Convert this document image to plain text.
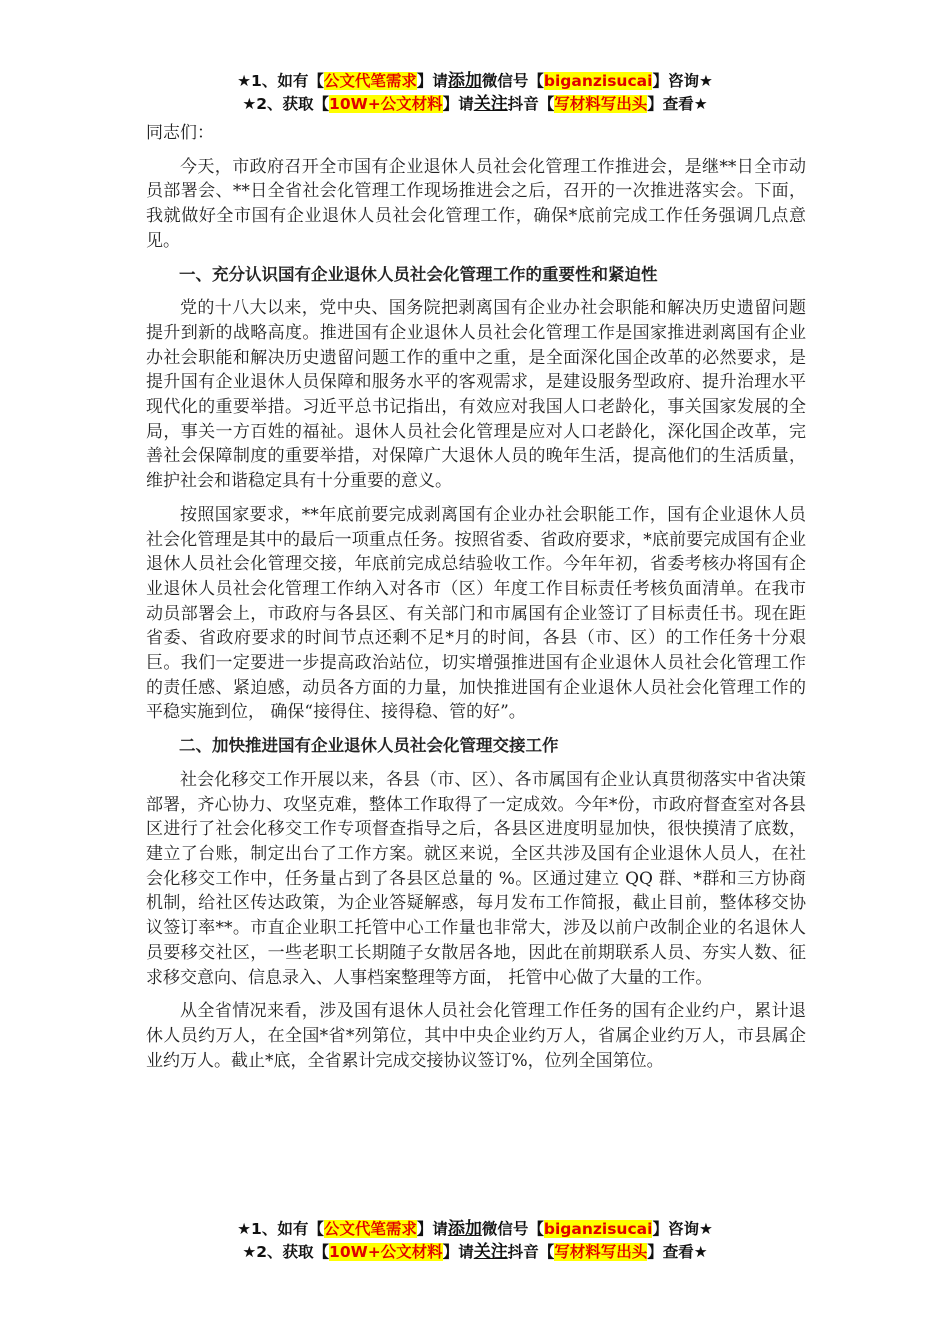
★1、如有【公文代笔需求】请添加微信号【biganzisucai】咨询★
★2、获取【10W+公文材料】请关注抖音【写材料写出头】查看★

同志们：

今天，市政府召开全市国有企业退休人员社会化管理工作推进会，是继**日全市动员部署会、**日全省社会化管理工作现场推进会之后，召开的一次推进落实会。下面，我就做好全市国有企业退休人员社会化管理工作，确保*底前完成工作任务强调几点意见。

一、充分认识国有企业退休人员社会化管理工作的重要性和紧迫性

党的十八大以来，党中央、国务院把剥离国有企业办社会职能和解决历史遗留问题提升到新的战略高度。推进国有企业退休人员社会化管理工作是国家推进剥离国有企业办社会职能和解决历史遗留问题工作的重中之重，是全面深化国企改革的必然要求，是提升国有企业退休人员保障和服务水平的客观需求，是建设服务型政府、提升治理水平现代化的重要举措。习近平总书记指出，有效应对我国人口老龄化，事关国家发展的全局，事关一方百姓的福祉。退休人员社会化管理是应对人口老龄化，深化国企改革，完善社会保障制度的重要举措，对保障广大退休人员的晚年生活，提高他们的生活质量，维护社会和谐稳定具有十分重要的意义。

按照国家要求，**年底前要完成剥离国有企业办社会职能工作，国有企业退休人员社会化管理是其中的最后一项重点任务。按照省委、省政府要求，*底前要完成国有企业退休人员社会化管理交接，年底前完成总结验收工作。今年年初，省委考核办将国有企业退休人员社会化管理工作纳入对各市（区）年度工作目标责任考核负面清单。在我市动员部署会上，市政府与各县区、有关部门和市属国有企业签订了目标责任书。现在距省委、省政府要求的时间节点还剩不足*月的时间，各县（市、区）的工作任务十分艰巨。我们一定要进一步提高政治站位，切实增强推进国有企业退休人员社会化管理工作的责任感、紧迫感，动员各方面的力量，加快推进国有企业退休人员社会化管理工作的平稳实施到位， 确保“接得住、接得稳、管的好”。

二、加快推进国有企业退休人员社会化管理交接工作

社会化移交工作开展以来，各县（市、区）、各市属国有企业认真贯彻落实中省决策部署，齐心协力、攻坚克难，整体工作取得了一定成效。今年*份，市政府督查室对各县区进行了社会化移交工作专项督查指导之后，各县区进度明显加快，很快摸清了底数，建立了台账，制定出台了工作方案。就区来说，全区共涉及国有企业退休人员人，在社会化移交工作中，任务量占到了各县区总量的 %。区通过建立 QQ 群、*群和三方协商机制，给社区传达政策，为企业答疑解惑，每月发布工作简报，截止目前，整体移交协议签订率**。市直企业职工托管中心工作量也非常大，涉及以前户改制企业的名退休人员要移交社区，一些老职工长期随子女散居各地，因此在前期联系人员、夯实人数、征求移交意向、信息录入、人事档案整理等方面， 托管中心做了大量的工作。

从全省情况来看，涉及国有退休人员社会化管理工作任务的国有企业约户，累计退休人员约万人，在全国*省*列第位，其中中央企业约万人，省属企业约万人，市县属企业约万人。截止*底，全省累计完成交接协议签订%，位列全国第位。

★1、如有【公文代笔需求】请添加微信号【biganzisucai】咨询★
★2、获取【10W+公文材料】请关注抖音【写材料写出头】查看★
